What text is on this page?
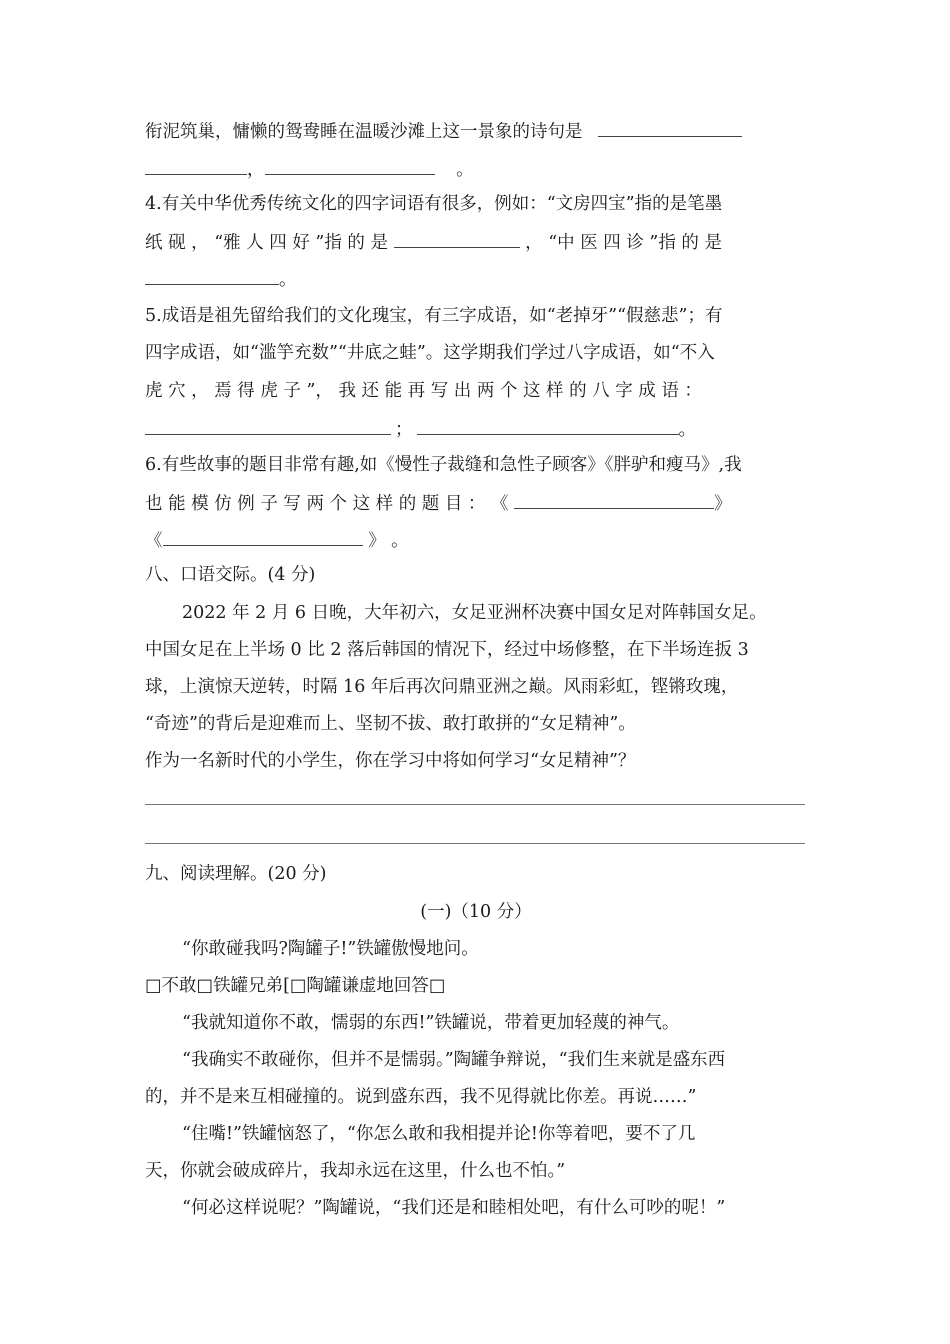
衔泥筑巢，慵懒的鸳鸯睡在温暖沙滩上这一景象的诗句是
，	。
4.有关中华优秀传统文化的四字词语有很多，例如：“文房四宝”指的是笔墨
纸 砚 ， “雅 人 四 好 ”指 的 是	， “中 医 四 诊 ”指 的 是
。
5.成语是祖先留给我们的文化瑰宝，有三字成语，如“老掉牙”“假慈悲”；有
四字成语，如“滥竽充数”“井底之蛙”。这学期我们学过八字成语，如“不入
虎 穴 ， 焉 得 虎 子 ”， 我 还 能 再 写 出 两 个 这 样 的 八 字 成 语 ：
；	。
6.有些故事的题目非常有趣,如《慢性子裁缝和急性子顾客》《胖驴和瘦马》,我
也 能 模 仿 例 子 写 两 个 这 样 的 题 目 ： 《	》
《	》 。
八、口语交际。(4 分)
2022 年 2 月 6 日晚，大年初六，女足亚洲杯决赛中国女足对阵韩国女足。
中国女足在上半场 0 比 2 落后韩国的情况下，经过中场修整，在下半场连扳 3
球，上演惊天逆转，时隔 16 年后再次问鼎亚洲之巅。风雨彩虹，铿锵玫瑰，
“奇迹”的背后是迎难而上、坚韧不拔、敢打敢拼的“女足精神”。
作为一名新时代的小学生，你在学习中将如何学习“女足精神”？
九、阅读理解。(20 分)
(一)（10 分）
“你敢碰我吗?陶罐子!”铁罐傲慢地问。
□不敢□铁罐兄弟[□陶罐谦虚地回答□
“我就知道你不敢，懦弱的东西!”铁罐说，带着更加轻蔑的神气。
“我确实不敢碰你，但并不是懦弱。”陶罐争辩说，“我们生来就是盛东西
的，并不是来互相碰撞的。说到盛东西，我不见得就比你差。再说……”
“住嘴!”铁罐恼怒了，“你怎么敢和我相提并论!你等着吧，要不了几
天，你就会破成碎片，我却永远在这里，什么也不怕。”
“何必这样说呢？”陶罐说，“我们还是和睦相处吧，有什么可吵的呢！”
